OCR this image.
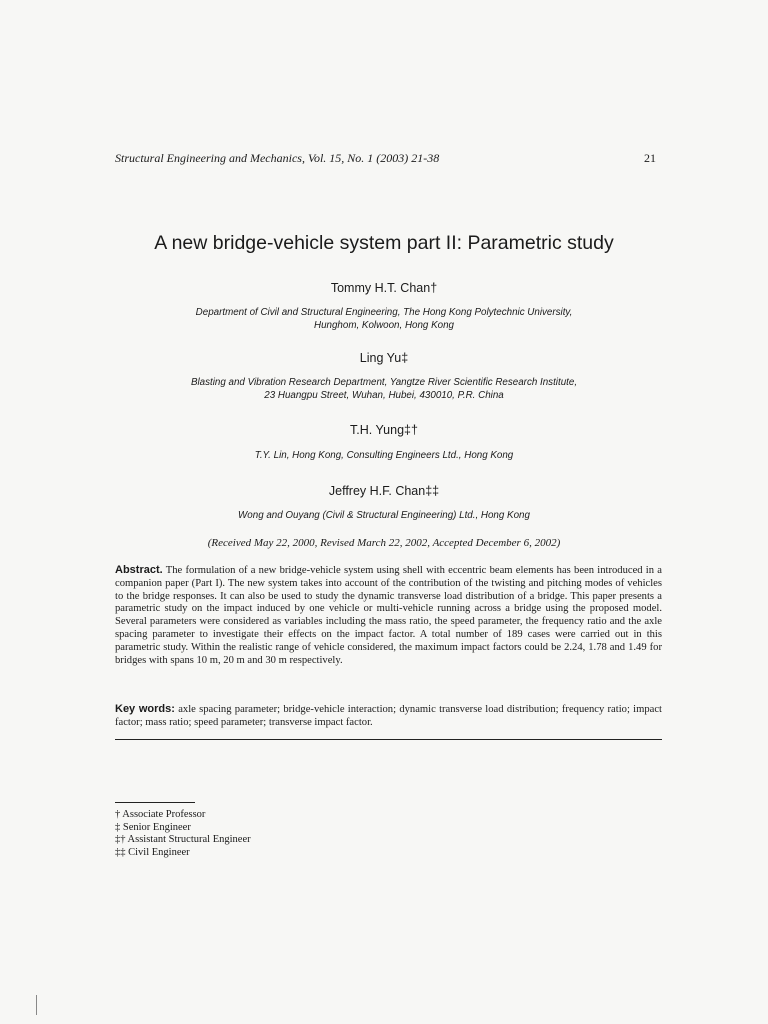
Structural Engineering and Mechanics, Vol. 15, No. 1 (2003) 21-38	21
A new bridge-vehicle system part II: Parametric study
Tommy H.T. Chan†
Department of Civil and Structural Engineering, The Hong Kong Polytechnic University,
Hunghom, Kolwoon, Hong Kong
Ling Yu‡
Blasting and Vibration Research Department, Yangtze River Scientific Research Institute,
23 Huangpu Street, Wuhan, Hubei, 430010, P.R. China
T.H. Yung‡†
T.Y. Lin, Hong Kong, Consulting Engineers Ltd., Hong Kong
Jeffrey H.F. Chan‡‡
Wong and Ouyang (Civil & Structural Engineering) Ltd., Hong Kong
(Received May 22, 2000, Revised March 22, 2002, Accepted December 6, 2002)
Abstract. The formulation of a new bridge-vehicle system using shell with eccentric beam elements has been introduced in a companion paper (Part I). The new system takes into account of the contribution of the twisting and pitching modes of vehicles to the bridge responses. It can also be used to study the dynamic transverse load distribution of a bridge. This paper presents a parametric study on the impact induced by one vehicle or multi-vehicle running across a bridge using the proposed model. Several parameters were considered as variables including the mass ratio, the speed parameter, the frequency ratio and the axle spacing parameter to investigate their effects on the impact factor. A total number of 189 cases were carried out in this parametric study. Within the realistic range of vehicle considered, the maximum impact factors could be 2.24, 1.78 and 1.49 for bridges with spans 10 m, 20 m and 30 m respectively.
Key words: axle spacing parameter; bridge-vehicle interaction; dynamic transverse load distribution; frequency ratio; impact factor; mass ratio; speed parameter; transverse impact factor.
† Associate Professor
‡ Senior Engineer
‡† Assistant Structural Engineer
‡‡ Civil Engineer
